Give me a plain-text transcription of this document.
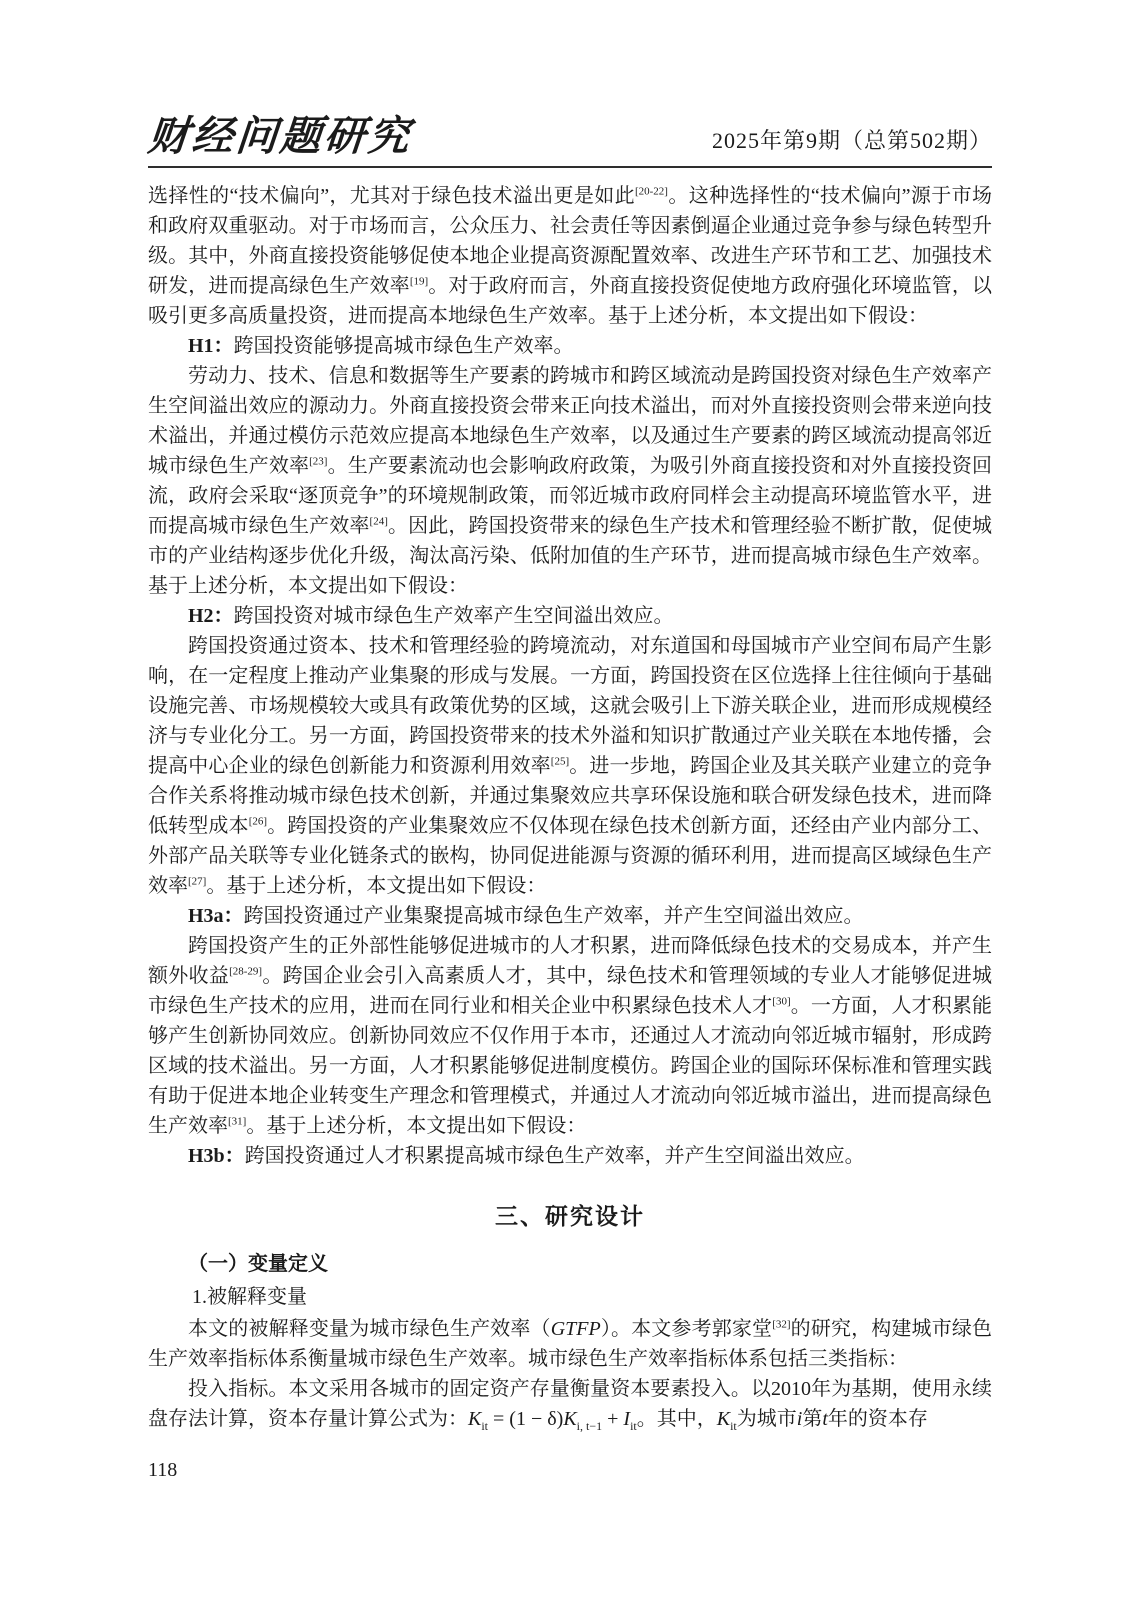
财经问题研究	2025年第9期（总第502期）

选择性的“技术偏向”，尤其对于绿色技术溢出更是如此[20-22]。这种选择性的“技术偏向”源于市场和政府双重驱动。对于市场而言，公众压力、社会责任等因素倒逼企业通过竞争参与绿色转型升级。其中，外商直接投资能够促使本地企业提高资源配置效率、改进生产环节和工艺、加强技术研发，进而提高绿色生产效率[19]。对于政府而言，外商直接投资促使地方政府强化环境监管，以吸引更多高质量投资，进而提高本地绿色生产效率。基于上述分析，本文提出如下假设：

H1：跨国投资能够提高城市绿色生产效率。

劳动力、技术、信息和数据等生产要素的跨城市和跨区域流动是跨国投资对绿色生产效率产生空间溢出效应的源动力。外商直接投资会带来正向技术溢出，而对外直接投资则会带来逆向技术溢出，并通过模仿示范效应提高本地绿色生产效率，以及通过生产要素的跨区域流动提高邻近城市绿色生产效率[23]。生产要素流动也会影响政府政策，为吸引外商直接投资和对外直接投资回流，政府会采取“逐顶竞争”的环境规制政策，而邻近城市政府同样会主动提高环境监管水平，进而提高城市绿色生产效率[24]。因此，跨国投资带来的绿色生产技术和管理经验不断扩散，促使城市的产业结构逐步优化升级，淘汰高污染、低附加值的生产环节，进而提高城市绿色生产效率。基于上述分析，本文提出如下假设：

H2：跨国投资对城市绿色生产效率产生空间溢出效应。

跨国投资通过资本、技术和管理经验的跨境流动，对东道国和母国城市产业空间布局产生影响，在一定程度上推动产业集聚的形成与发展。一方面，跨国投资在区位选择上往往倾向于基础设施完善、市场规模较大或具有政策优势的区域，这就会吸引上下游关联企业，进而形成规模经济与专业化分工。另一方面，跨国投资带来的技术外溢和知识扩散通过产业关联在本地传播，会提高中心企业的绿色创新能力和资源利用效率[25]。进一步地，跨国企业及其关联产业建立的竞争合作关系将推动城市绿色技术创新，并通过集聚效应共享环保设施和联合研发绿色技术，进而降低转型成本[26]。跨国投资的产业集聚效应不仅体现在绿色技术创新方面，还经由产业内部分工、外部产品关联等专业化链条式的嵌构，协同促进能源与资源的循环利用，进而提高区域绿色生产效率[27]。基于上述分析，本文提出如下假设：

H3a：跨国投资通过产业集聚提高城市绿色生产效率，并产生空间溢出效应。

跨国投资产生的正外部性能够促进城市的人才积累，进而降低绿色技术的交易成本，并产生额外收益[28-29]。跨国企业会引入高素质人才，其中，绿色技术和管理领域的专业人才能够促进城市绿色生产技术的应用，进而在同行业和相关企业中积累绿色技术人才[30]。一方面，人才积累能够产生创新协同效应。创新协同效应不仅作用于本市，还通过人才流动向邻近城市辐射，形成跨区域的技术溢出。另一方面，人才积累能够促进制度模仿。跨国企业的国际环保标准和管理实践有助于促进本地企业转变生产理念和管理模式，并通过人才流动向邻近城市溢出，进而提高绿色生产效率[31]。基于上述分析，本文提出如下假设：

H3b：跨国投资通过人才积累提高城市绿色生产效率，并产生空间溢出效应。

三、研究设计
（一）变量定义
1.被解释变量

本文的被解释变量为城市绿色生产效率（GTFP）。本文参考郭家堂[32]的研究，构建城市绿色生产效率指标体系衡量城市绿色生产效率。城市绿色生产效率指标体系包括三类指标：

投入指标。本文采用各城市的固定资产存量衡量资本要素投入。以2010年为基期，使用永续盘存法计算，资本存量计算公式为：$K_{it} = (1 - \delta)K_{i, t-1} + I_{it}$。其中，$K_{it}$为城市i第t年的资本存

118
